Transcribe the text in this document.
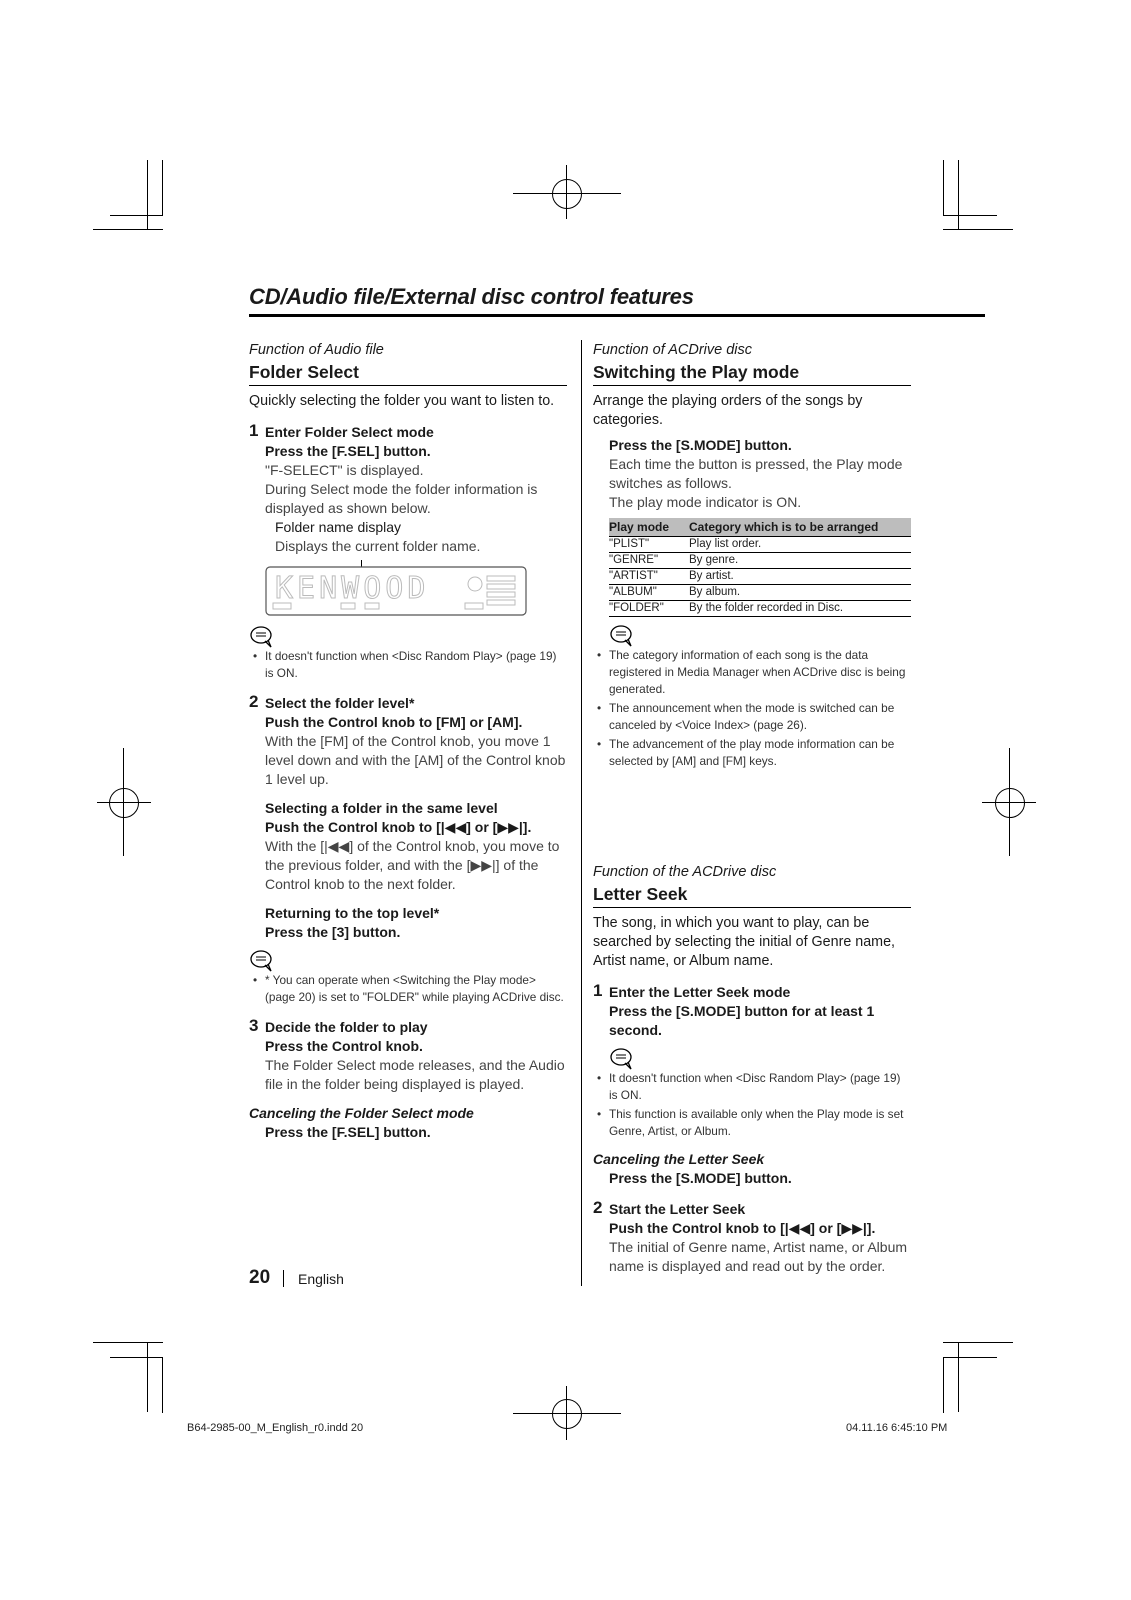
CD/Audio file/External disc control features

Function of Audio file

Folder Select

Quickly selecting the folder you want to listen to.

1 Enter Folder Select mode
Press the [F.SEL] button.
"F-SELECT" is displayed.
During Select mode the folder information is displayed as shown below.
Folder name display
Displays the current folder name.
KENWOOD

• It doesn't function when <Disc Random Play> (page 19) is ON.

2 Select the folder level*
Push the Control knob to [FM] or [AM].
With the [FM] of the Control knob, you move 1 level down and with the [AM] of the Control knob 1 level up.
Selecting a folder in the same level
Push the Control knob to [|◀◀] or [▶▶|].
With the [|◀◀] of the Control knob, you move to the previous folder, and with the [▶▶|] of the Control knob to the next folder.
Returning to the top level*
Press the [3] button.

• * You can operate when <Switching the Play mode> (page 20) is set to "FOLDER" while playing ACDrive disc.

3 Decide the folder to play
Press the Control knob.
The Folder Select mode releases, and the Audio file in the folder being displayed is played.
Canceling the Folder Select mode
Press the [F.SEL] button.

Function of ACDrive disc

Switching the Play mode

Arrange the playing orders of the songs by categories.

Press the [S.MODE] button.
Each time the button is pressed, the Play mode switches as follows.
The play mode indicator is ON.
Play mode	Category which is to be arranged
"PLIST"	Play list order.
"GENRE"	By genre.
"ARTIST"	By artist.
"ALBUM"	By album.
"FOLDER"	By the folder recorded in Disc.

• The category information of each song is the data registered in Media Manager when ACDrive disc is being generated.

• The announcement when the mode is switched can be canceled by <Voice Index> (page 26).

• The advancement of the play mode information can be selected by [AM] and [FM] keys.

Function of the ACDrive disc

Letter Seek

The song, in which you want to play, can be searched by selecting the initial of Genre name, Artist name, or Album name.

1 Enter the Letter Seek mode
Press the [S.MODE] button for at least 1 second.

• It doesn't function when <Disc Random Play> (page 19) is ON.

• This function is available only when the Play mode is set Genre, Artist, or Album.

Canceling the Letter Seek
Press the [S.MODE] button.
2 Start the Letter Seek
Push the Control knob to [|◀◀] or [▶▶|].
The initial of Genre name, Artist name, or Album name is displayed and read out by the order.
20 English
B64-2985-00_M_English_r0.indd 20	04.11.16 6:45:10 PM
